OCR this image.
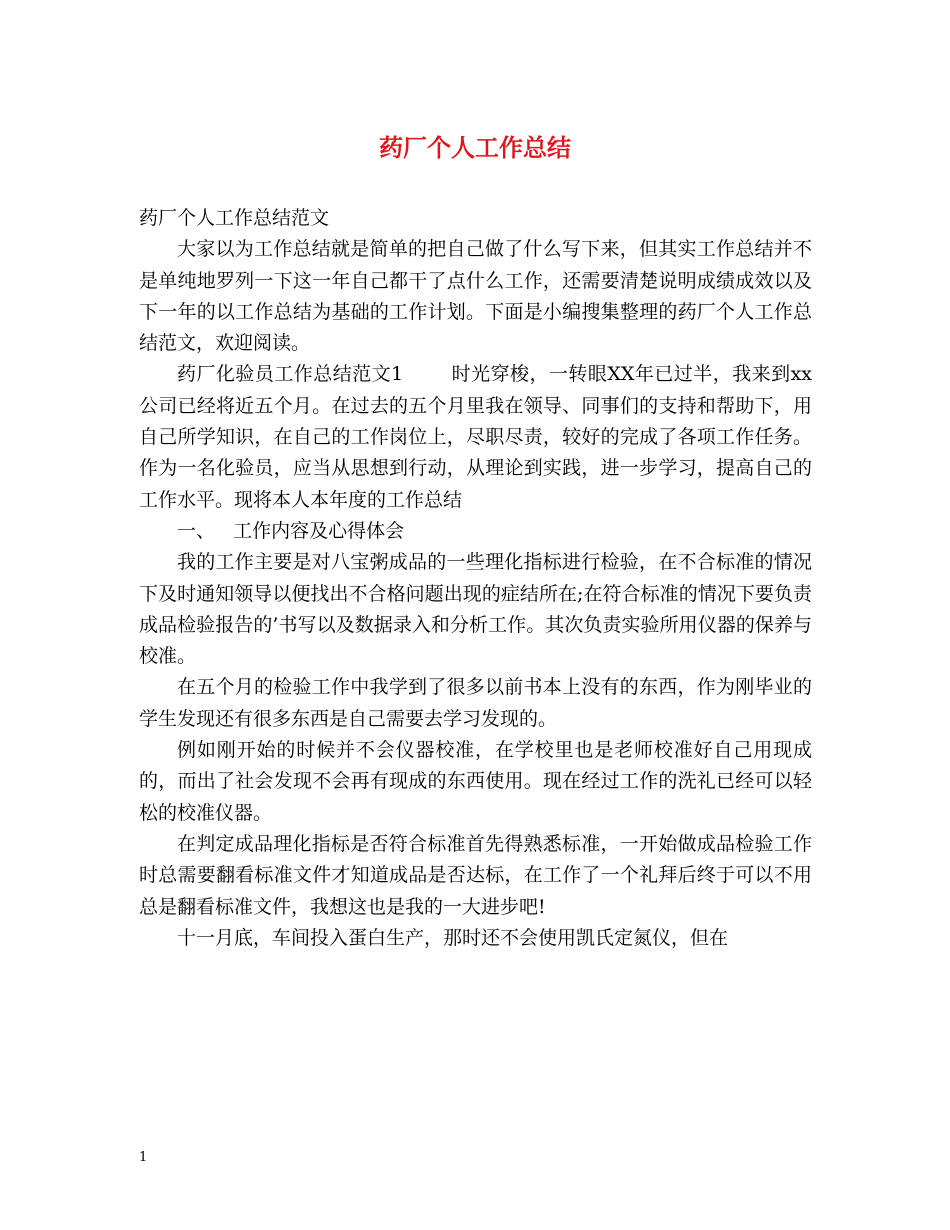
药厂个人工作总结

药厂个人工作总结范文

大家以为工作总结就是简单的把自己做了什么写下来，但其实工作总结并不是单纯地罗列一下这一年自己都干了点什么工作，还需要清楚说明成绩成效以及下一年的以工作总结为基础的工作计划。下面是小编搜集整理的药厂个人工作总结范文，欢迎阅读。

药厂化验员工作总结范文1	时光穿梭，一转眼XX年已过半，我来到xx公司已经将近五个月。在过去的五个月里我在领导、同事们的支持和帮助下，用自己所学知识，在自己的工作岗位上，尽职尽责，较好的完成了各项工作任务。作为一名化验员，应当从思想到行动，从理论到实践，进一步学习，提高自己的工作水平。现将本人本年度的工作总结

一、 工作内容及心得体会

我的工作主要是对八宝粥成品的一些理化指标进行检验，在不合标准的情况下及时通知领导以便找出不合格问题出现的症结所在;在符合标准的情况下要负责成品检验报告的’书写以及数据录入和分析工作。其次负责实验所用仪器的保养与校准。

在五个月的检验工作中我学到了很多以前书本上没有的东西，作为刚毕业的学生发现还有很多东西是自己需要去学习发现的。

例如刚开始的时候并不会仪器校准，在学校里也是老师校准好自己用现成的，而出了社会发现不会再有现成的东西使用。现在经过工作的洗礼已经可以轻松的校准仪器。

在判定成品理化指标是否符合标准首先得熟悉标准，一开始做成品检验工作时总需要翻看标准文件才知道成品是否达标，在工作了一个礼拜后终于可以不用总是翻看标准文件，我想这也是我的一大进步吧!

十一月底，车间投入蛋白生产，那时还不会使用凯氏定氮仪，但在

1
